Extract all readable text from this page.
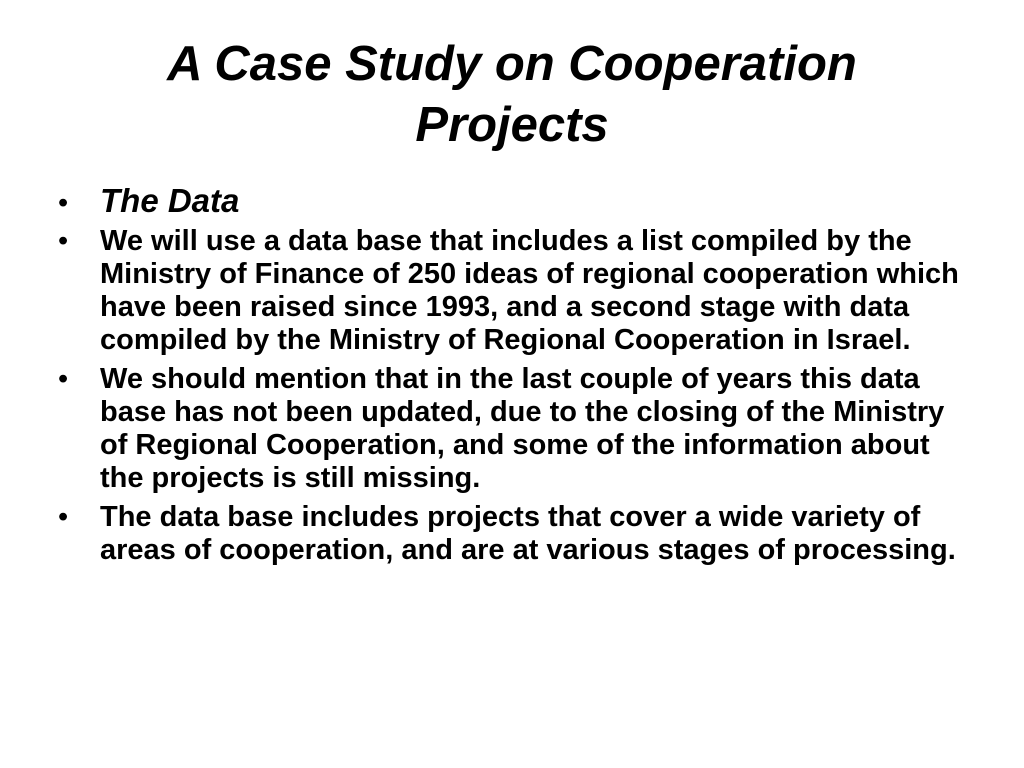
A Case Study on Cooperation
Projects
• The Data
• We will use a data base that includes a list compiled by the Ministry of Finance of 250 ideas of regional cooperation which have been raised since 1993, and a second stage with data compiled by the Ministry of Regional Cooperation in Israel.
• We should mention that in the last couple of years this data base has not been updated, due to the closing of the Ministry of Regional Cooperation, and some of the information about the projects is still missing.
• The data base includes projects that cover a wide variety of areas of cooperation, and are at various stages of processing.
